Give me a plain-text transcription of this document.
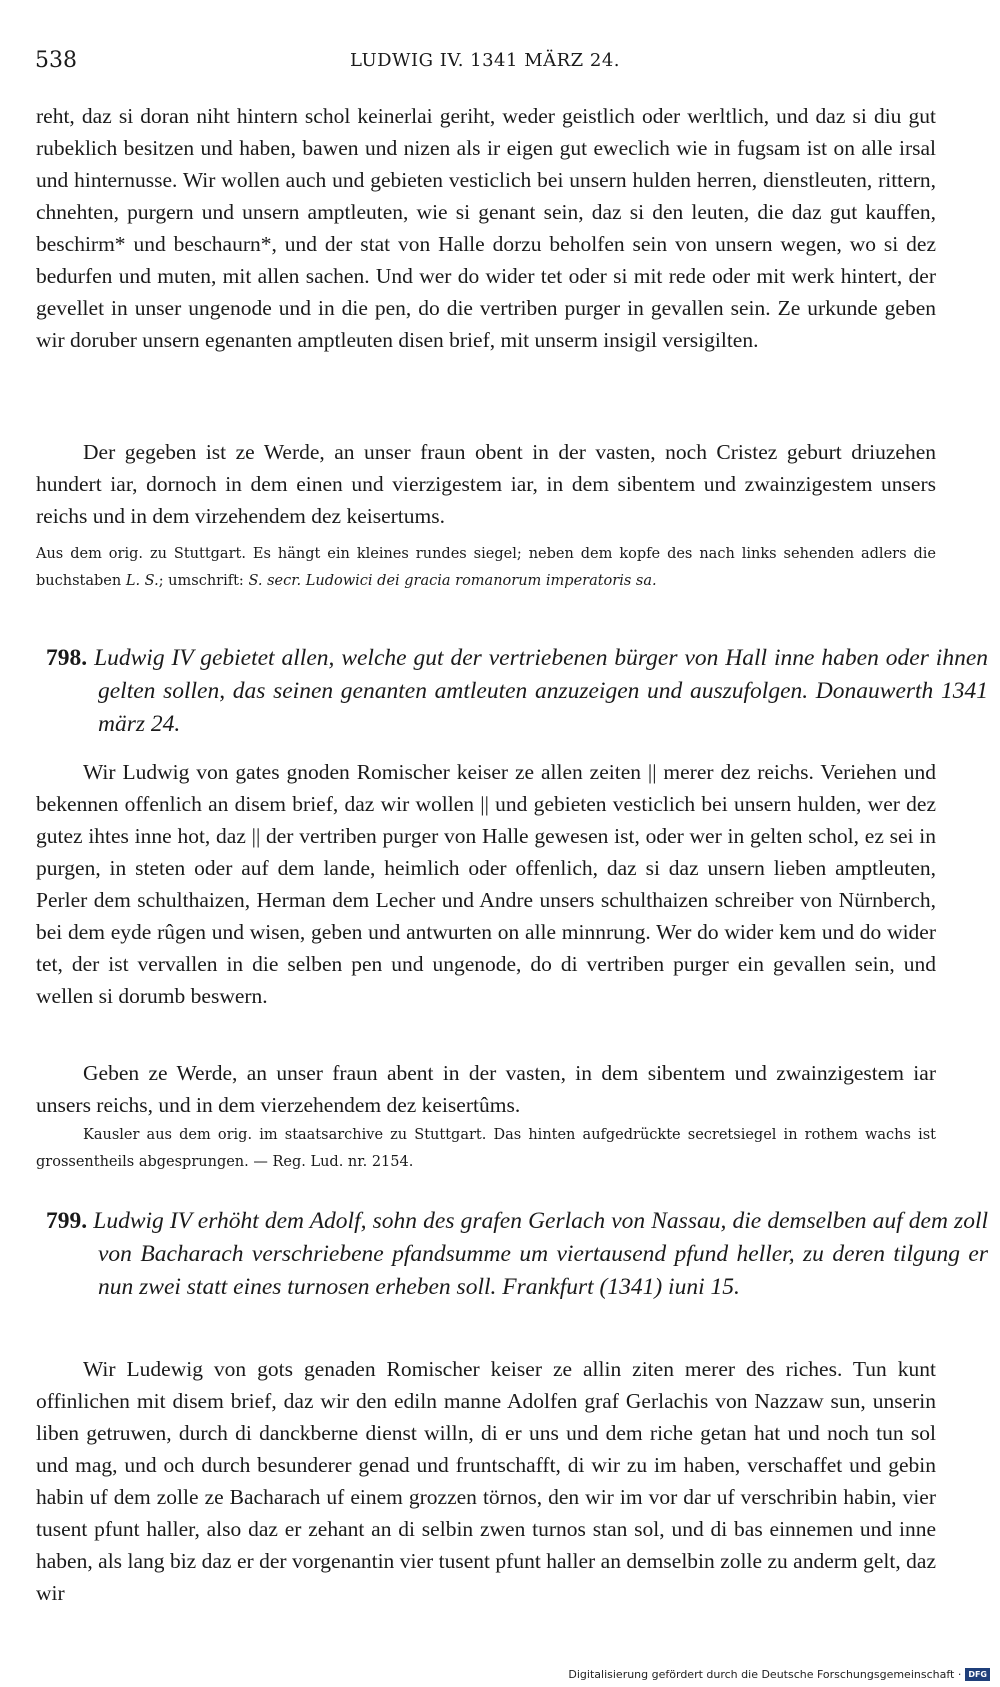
538	LUDWIG IV. 1341 MÄRZ 24.

reht, daz si doran niht hintern schol keinerlai geriht, weder geistlich oder werltlich, und daz si diu gut rubeklich besitzen und haben, bawen und nizen als ir eigen gut eweclich wie in fugsam ist on alle irsal und hinternusse. Wir wollen auch und gebieten vesticlich bei unsern hulden herren, dienstleuten, rittern, chnehten, purgern und unsern amptleuten, wie si genant sein, daz si den leuten, die daz gut kauffen, beschirm* und beschaurn*, und der stat von Halle dorzu beholfen sein von unsern wegen, wo si dez bedurfen und muten, mit allen sachen. Und wer do wider tet oder si mit rede oder mit werk hintert, der gevellet in unser ungenode und in die pen, do die vertriben purger in gevallen sein. Ze urkunde geben wir doruber unsern egenanten amptleuten disen brief, mit unserm insigil versigilten.

Der gegeben ist ze Werde, an unser fraun obent in der vasten, noch Cristez geburt driuzehen hundert iar, dornoch in dem einen und vierzigestem iar, in dem sibentem und zwainzigestem unsers reichs und in dem virzehendem dez keisertums.

Aus dem orig. zu Stuttgart. Es hängt ein kleines rundes siegel; neben dem kopfe des nach links sehenden adlers die buchstaben L. S.; umschrift: S. secr. Ludowici dei gracia romanorum imperatoris sa.

798. Ludwig IV gebietet allen, welche gut der vertriebenen bürger von Hall inne haben oder ihnen gelten sollen, das seinen genanten amtleuten anzuzeigen und auszufolgen. Donauwerth 1341 märz 24.

Wir Ludwig von gates gnoden Romischer keiser ze allen zeiten || merer dez reichs. Veriehen und bekennen offenlich an disem brief, daz wir wollen || und gebieten vesticlich bei unsern hulden, wer dez gutez ihtes inne hot, daz || der vertriben purger von Halle gewesen ist, oder wer in gelten schol, ez sei in purgen, in steten oder auf dem lande, heimlich oder offenlich, daz si daz unsern lieben amptleuten, Perler dem schulthaizen, Herman dem Lecher und Andre unsers schulthaizen schreiber von Nürnberch, bei dem eyde rûgen und wisen, geben und antwurten on alle minnrung. Wer do wider kem und do wider tet, der ist vervallen in die selben pen und ungenode, do di vertriben purger ein gevallen sein, und wellen si dorumb beswern.

Geben ze Werde, an unser fraun abent in der vasten, in dem sibentem und zwainzigestem iar unsers reichs, und in dem vierzehendem dez keisertûms.

Kausler aus dem orig. im staatsarchive zu Stuttgart. Das hinten aufgedrückte secretsiegel in rothem wachs ist grossentheils abgesprungen. — Reg. Lud. nr. 2154.

799. Ludwig IV erhöht dem Adolf, sohn des grafen Gerlach von Nassau, die demselben auf dem zoll von Bacharach verschriebene pfandsumme um viertausend pfund heller, zu deren tilgung er nun zwei statt eines turnosen erheben soll. Frankfurt (1341) iuni 15.

Wir Ludewig von gots genaden Romischer keiser ze allin ziten merer des riches. Tun kunt offinlichen mit disem brief, daz wir den ediln manne Adolfen graf Gerlachis von Nazzaw sun, unserin liben getruwen, durch di danckberne dienst willn, di er uns und dem riche getan hat und noch tun sol und mag, und och durch besunderer genad und fruntschafft, di wir zu im haben, verschaffet und gebin habin uf dem zolle ze Bacharach uf einem grozzen törnos, den wir im vor dar uf verschribin habin, vier tusent pfunt haller, also daz er zehant an di selbin zwen turnos stan sol, und di bas einnemen und inne haben, als lang biz daz er der vorgenantin vier tusent pfunt haller an demselbin zolle zu anderm gelt, daz wir

Digitalisierung gefördert durch die Deutsche Forschungsgemeinschaft · DFG
